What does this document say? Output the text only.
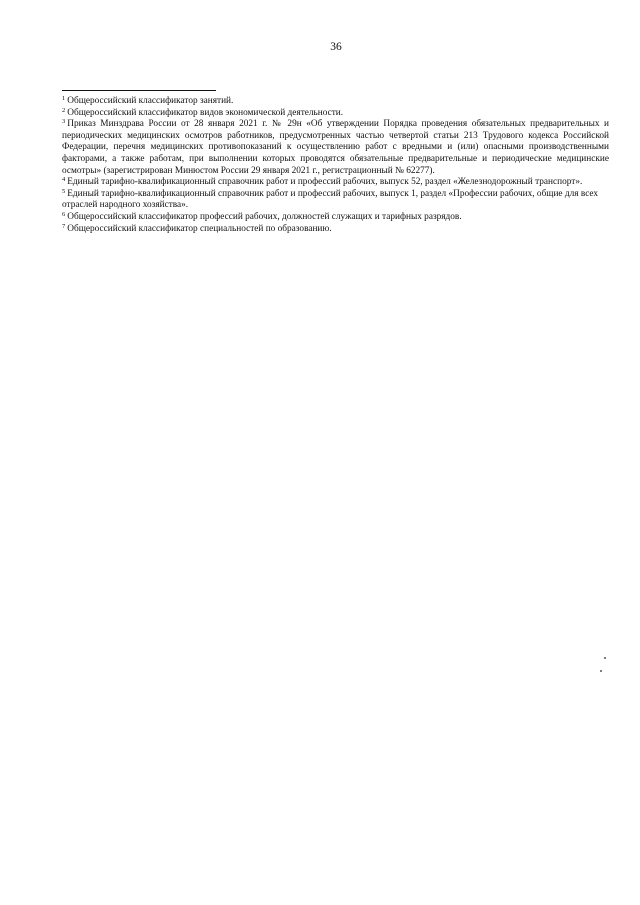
36

$^1$ Общероссийский классификатор занятий.

$^2$ Общероссийский классификатор видов экономической деятельности.

$^3$ Приказ Минздрава России от 28 января 2021 г. № 29н «Об утверждении Порядка проведения обязательных предварительных и периодических медицинских осмотров работников, предусмотренных частью четвертой статьи 213 Трудового кодекса Российской Федерации, перечня медицинских противопоказаний к осуществлению работ с вредными и (или) опасными производственными факторами, а также работам, при выполнении которых проводятся обязательные предварительные и периодические медицинские осмотры» (зарегистрирован Минюстом России 29 января 2021 г., регистрационный № 62277).

$^4$ Единый тарифно-квалификационный справочник работ и профессий рабочих, выпуск 52, раздел «Железнодорожный транспорт».

$^5$ Единый тарифно-квалификационный справочник работ и профессий рабочих, выпуск 1, раздел «Профессии рабочих, общие для всех отраслей народного хозяйства».

$^6$ Общероссийский классификатор профессий рабочих, должностей служащих и тарифных разрядов.

$^7$ Общероссийский классификатор специальностей по образованию.
